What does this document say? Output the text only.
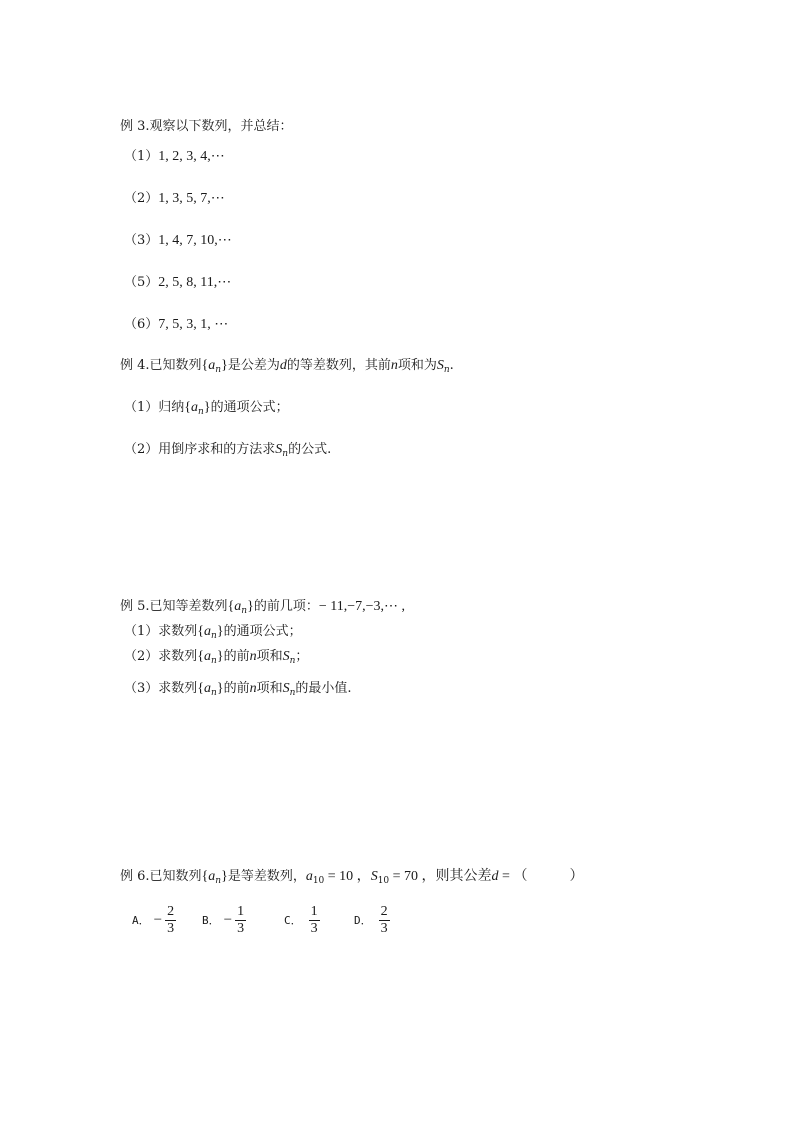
例 3.观察以下数列，并总结：
（1）1, 2, 3, 4,⋯
（2）1, 3, 5, 7,⋯
（3）1, 4, 7, 10,⋯
（5）2, 5, 8, 11,⋯
（6）7, 5, 3, 1, ⋯
例 4.已知数列$\{a_n\}$是公差为d的等差数列，其前n项和为$S_n$.
（1）归纳$\{a_n\}$的通项公式；
（2）用倒序求和的方法求$S_n$的公式.
例 5.已知等差数列$\{a_n\}$的前几项：− 11,−7,−3,⋯ ,
（1）求数列$\{a_n\}$的通项公式；
（2）求数列$\{a_n\}$的前n项和$S_n$；
（3）求数列$\{a_n\}$的前n项和$S_n$的最小值.
例 6.已知数列$\{a_n\}$是等差数列，$a_{10} = 10$ ，$S_{10} = 70$ ，则其公差d = （　　　）
A． − $\frac{2}{3}$ B． − $\frac{1}{3}$	C． $\frac{1}{3}$	D． $\frac{2}{3}$
